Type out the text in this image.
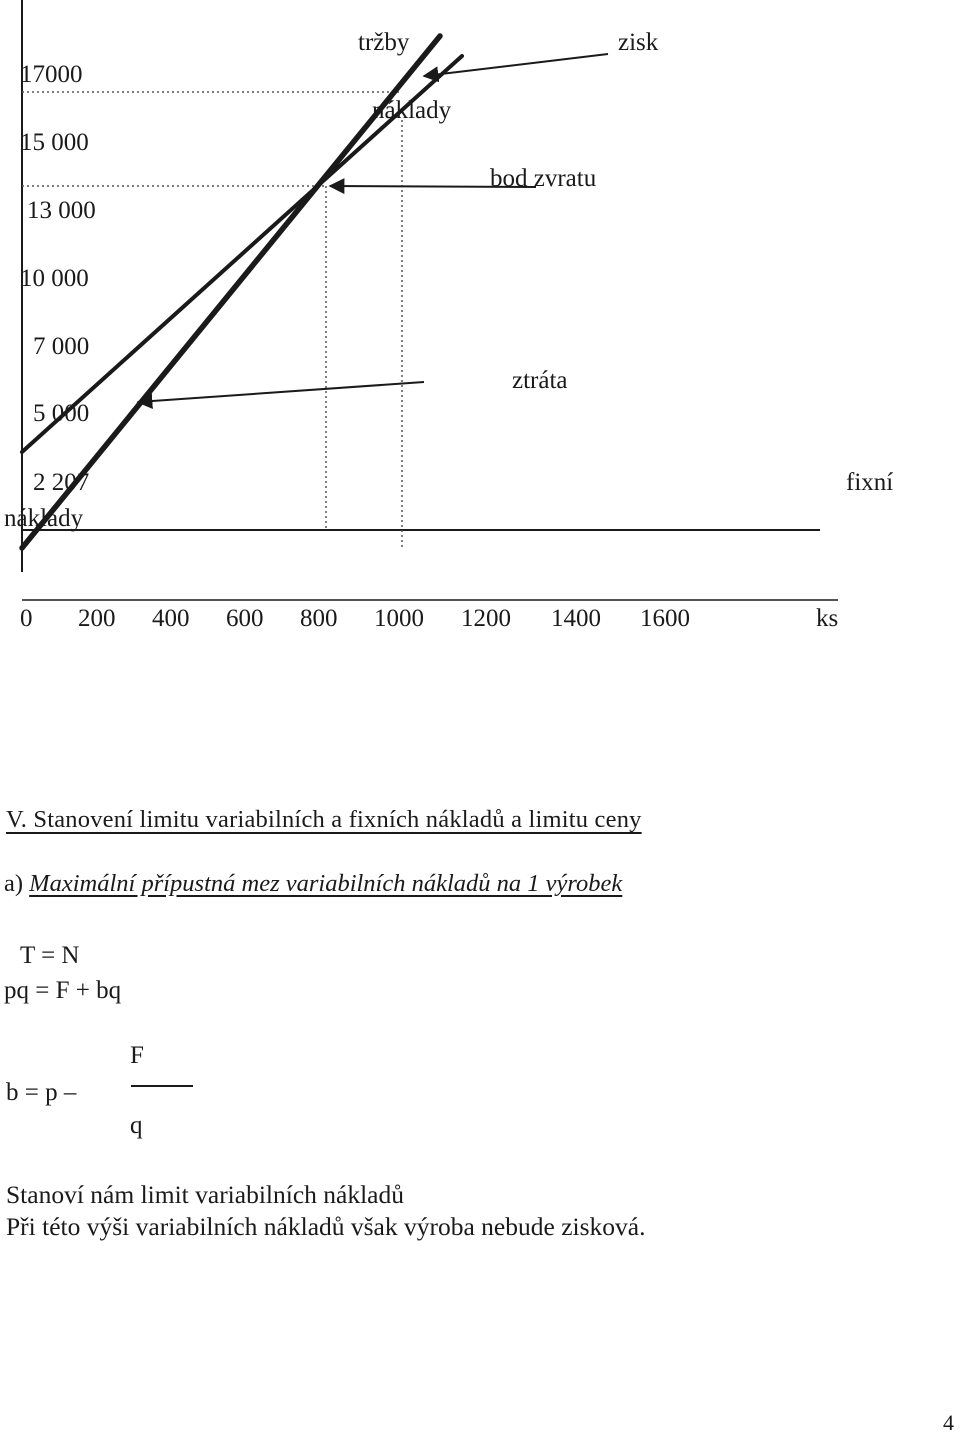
17000
15 000
13 000
10 000
7 000
5 000
2 207
0 200 400 600 800 1000 1200 1400 1600	ks
tržby
náklady
zisk
bod zvratu
ztráta
fixní
náklady
V. Stanovení limitu variabilních a fixních nákladů a limitu ceny

a) Maximální přípustná mez variabilních nákladů na 1 výrobek

T = N
pq = F + bq
b = p –
F
q
Stanoví nám limit variabilních nákladů
Při této výši variabilních nákladů však výroba nebude zisková.
4
